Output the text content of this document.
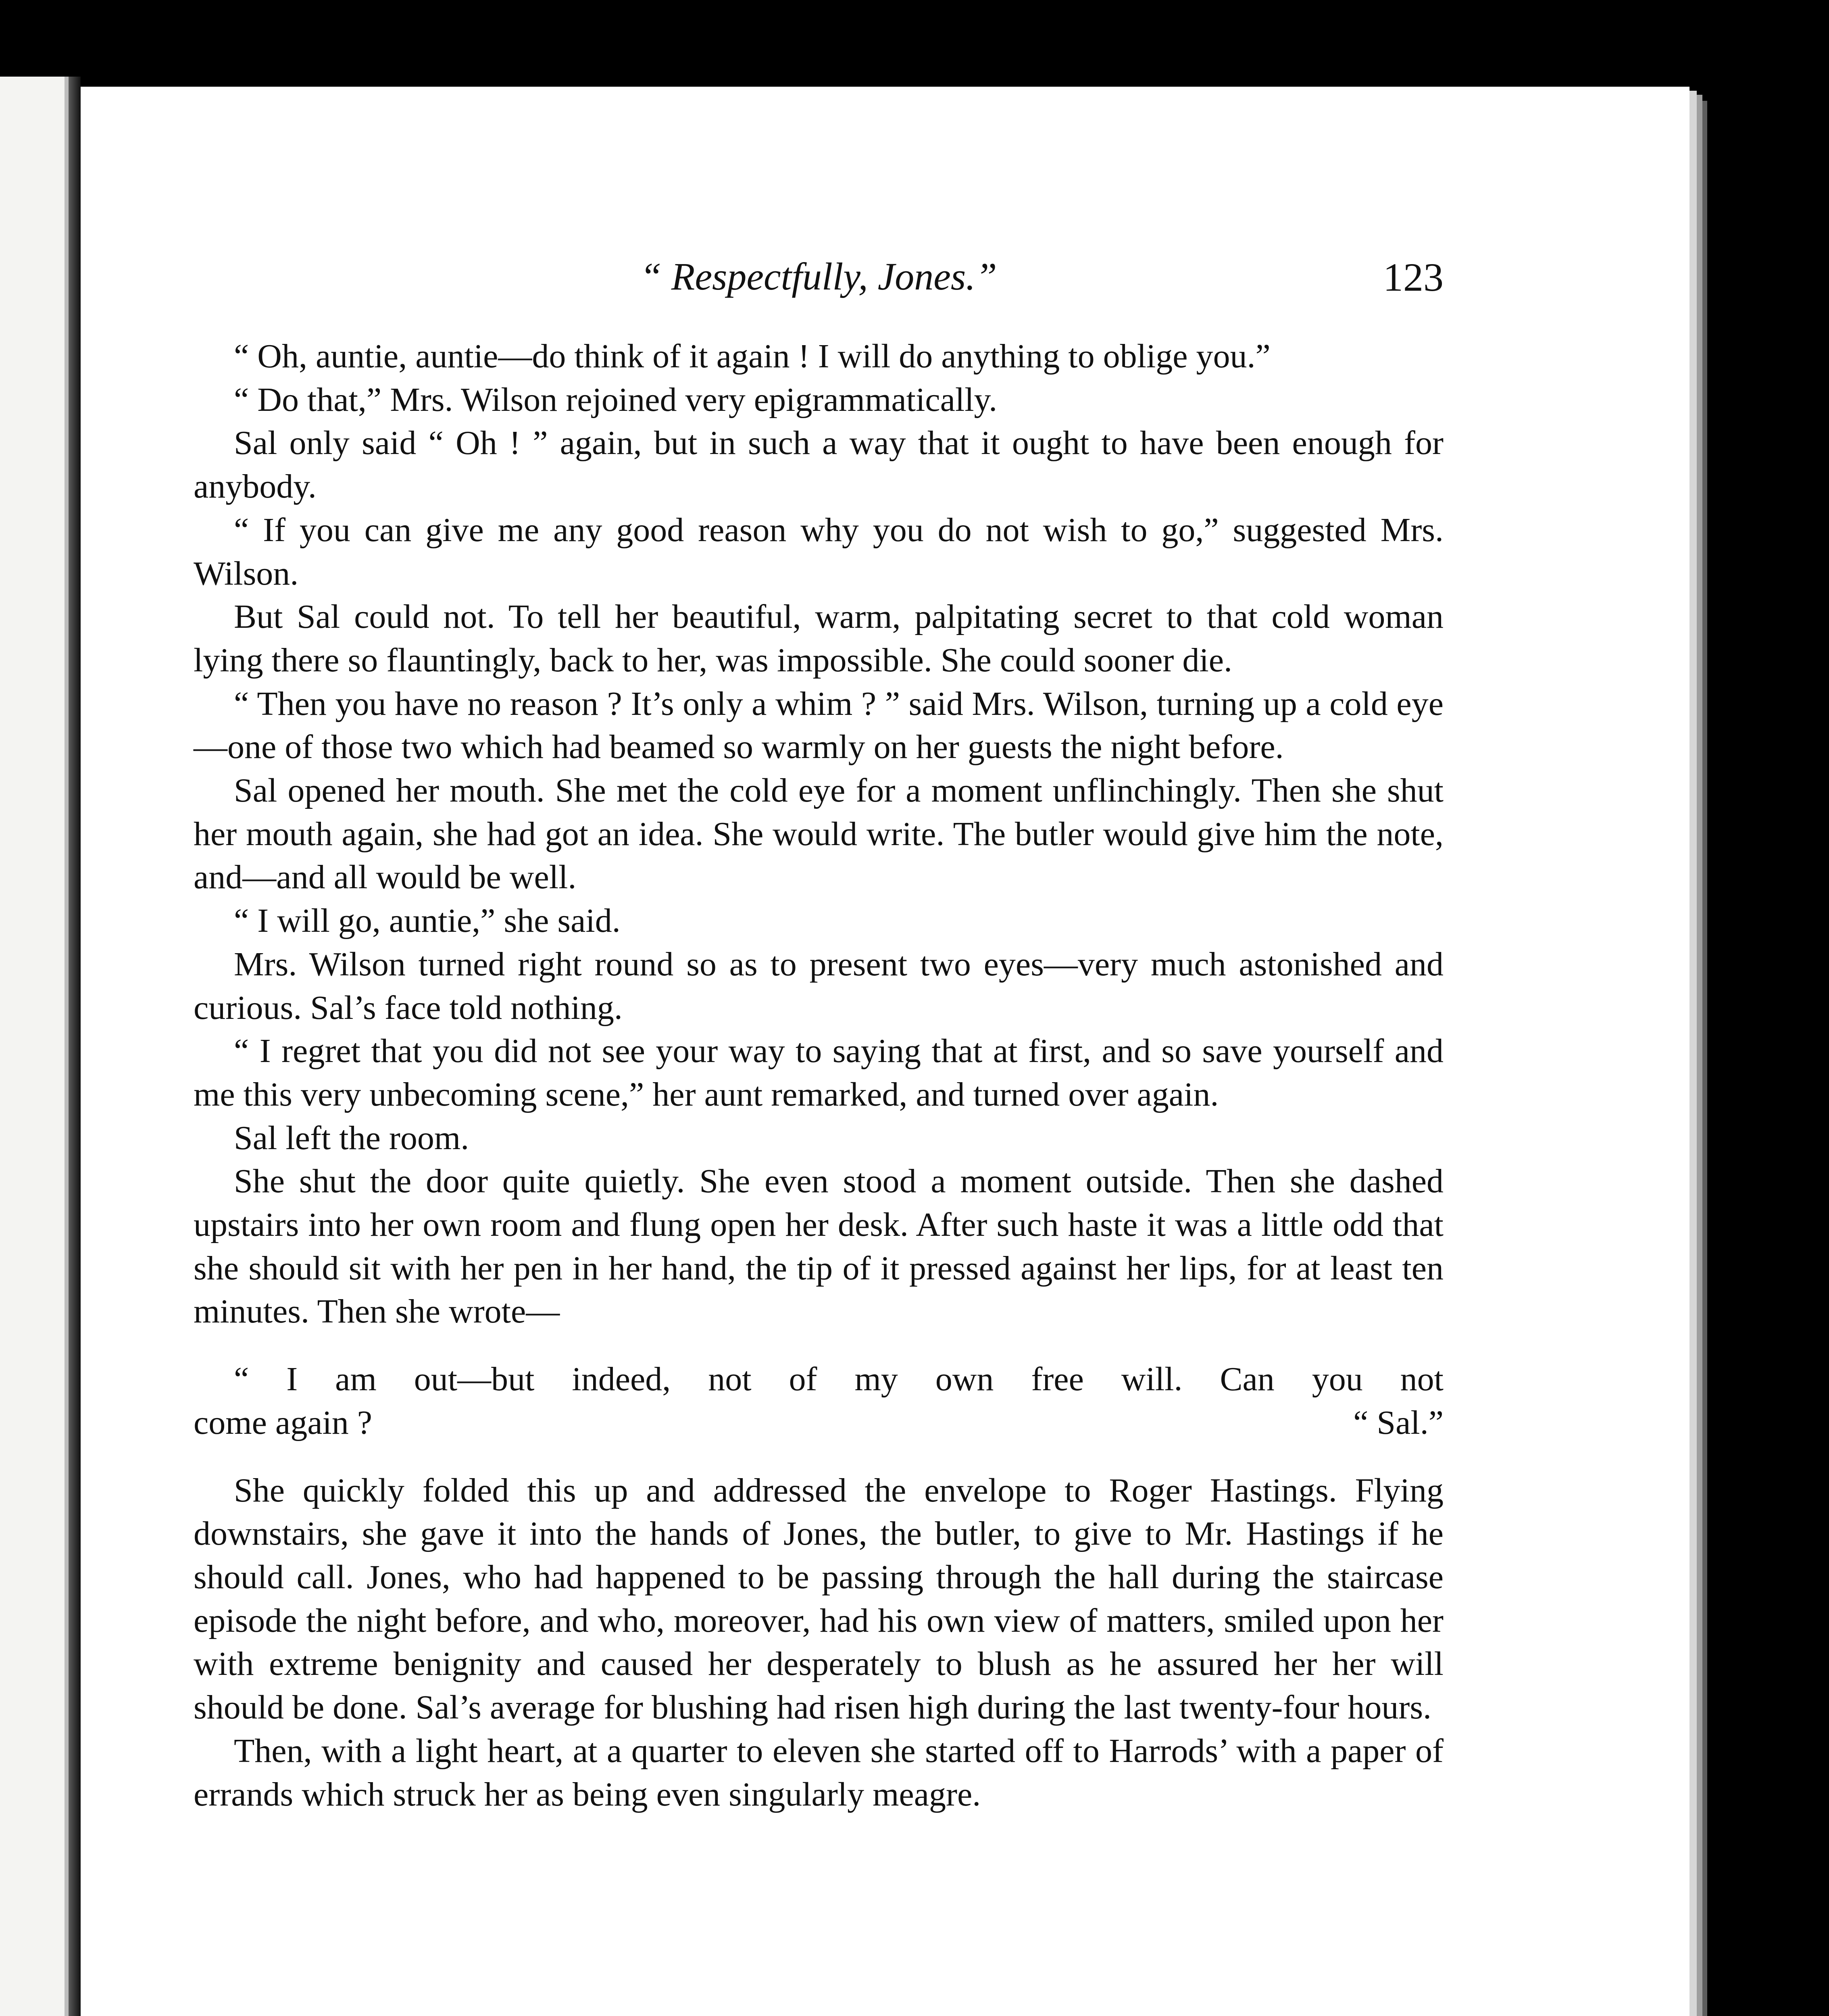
“ Respectfully, Jones.”	123

“ Oh, auntie, auntie—do think of it again ! I will do anything to oblige you.”

“ Do that,” Mrs. Wilson rejoined very epigrammatically.

Sal only said “ Oh ! ” again, but in such a way that it ought to have been enough for anybody.

“ If you can give me any good reason why you do not wish to go,” suggested Mrs. Wilson.

But Sal could not. To tell her beautiful, warm, palpitating secret to that cold woman lying there so flauntingly, back to her, was impossible. She could sooner die.

“ Then you have no reason ? It’s only a whim ? ” said Mrs. Wilson, turning up a cold eye—one of those two which had beamed so warmly on her guests the night before.

Sal opened her mouth. She met the cold eye for a moment unflinchingly. Then she shut her mouth again, she had got an idea. She would write. The butler would give him the note, and—and all would be well.

“ I will go, auntie,” she said.

Mrs. Wilson turned right round so as to present two eyes—very much astonished and curious. Sal’s face told nothing.

“ I regret that you did not see your way to saying that at first, and so save yourself and me this very unbecoming scene,” her aunt remarked, and turned over again.

Sal left the room.

She shut the door quite quietly. She even stood a moment outside. Then she dashed upstairs into her own room and flung open her desk. After such haste it was a little odd that she should sit with her pen in her hand, the tip of it pressed against her lips, for at least ten minutes. Then she wrote—

“ I am out—but indeed, not of my own free will. Can you not

come again ?	“ Sal.”

She quickly folded this up and addressed the envelope to Roger Hastings. Flying downstairs, she gave it into the hands of Jones, the butler, to give to Mr. Hastings if he should call. Jones, who had happened to be passing through the hall during the staircase episode the night before, and who, moreover, had his own view of matters, smiled upon her with extreme benignity and caused her desperately to blush as he assured her her will should be done. Sal’s average for blushing had risen high during the last twenty-four hours.

Then, with a light heart, at a quarter to eleven she started off to Harrods’ with a paper of errands which struck her as being even singularly meagre.
